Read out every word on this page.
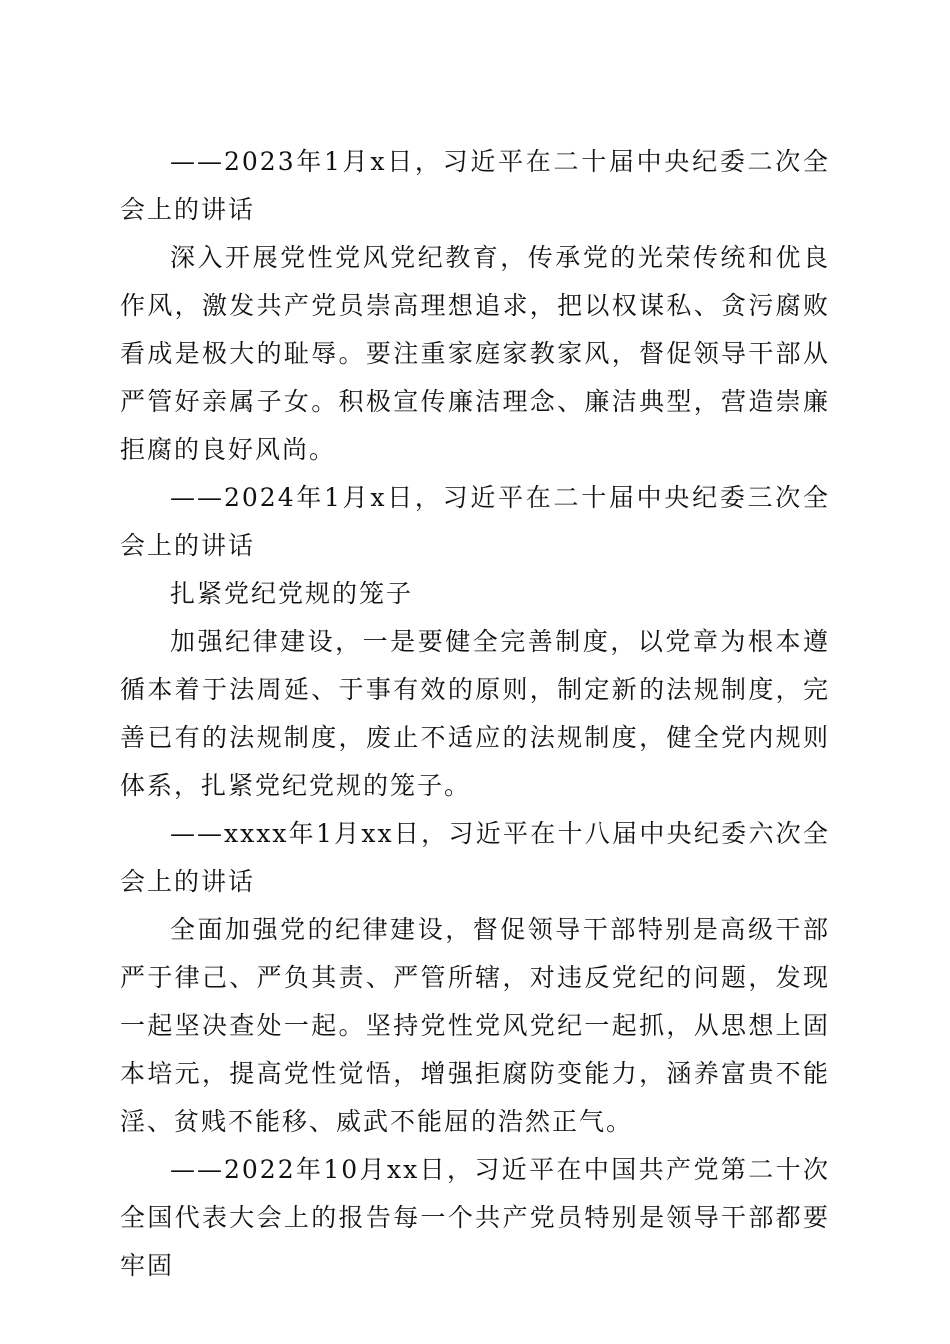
——2023年1月x日，习近平在二十届中央纪委二次全会上的讲话

深入开展党性党风党纪教育，传承党的光荣传统和优良作风，激发共产党员崇高理想追求，把以权谋私、贪污腐败看成是极大的耻辱。要注重家庭家教家风，督促领导干部从严管好亲属子女。积极宣传廉洁理念、廉洁典型，营造崇廉拒腐的良好风尚。

——2024年1月x日，习近平在二十届中央纪委三次全会上的讲话

扎紧党纪党规的笼子

加强纪律建设，一是要健全完善制度，以党章为根本遵循本着于法周延、于事有效的原则，制定新的法规制度，完善已有的法规制度，废止不适应的法规制度，健全党内规则体系，扎紧党纪党规的笼子。

——xxxx年1月xx日，习近平在十八届中央纪委六次全会上的讲话

全面加强党的纪律建设，督促领导干部特别是高级干部严于律己、严负其责、严管所辖，对违反党纪的问题，发现一起坚决查处一起。坚持党性党风党纪一起抓，从思想上固本培元，提高党性觉悟，增强拒腐防变能力，涵养富贵不能淫、贫贱不能移、威武不能屈的浩然正气。

——2022年10月xx日，习近平在中国共产党第二十次全国代表大会上的报告每一个共产党员特别是领导干部都要牢固
